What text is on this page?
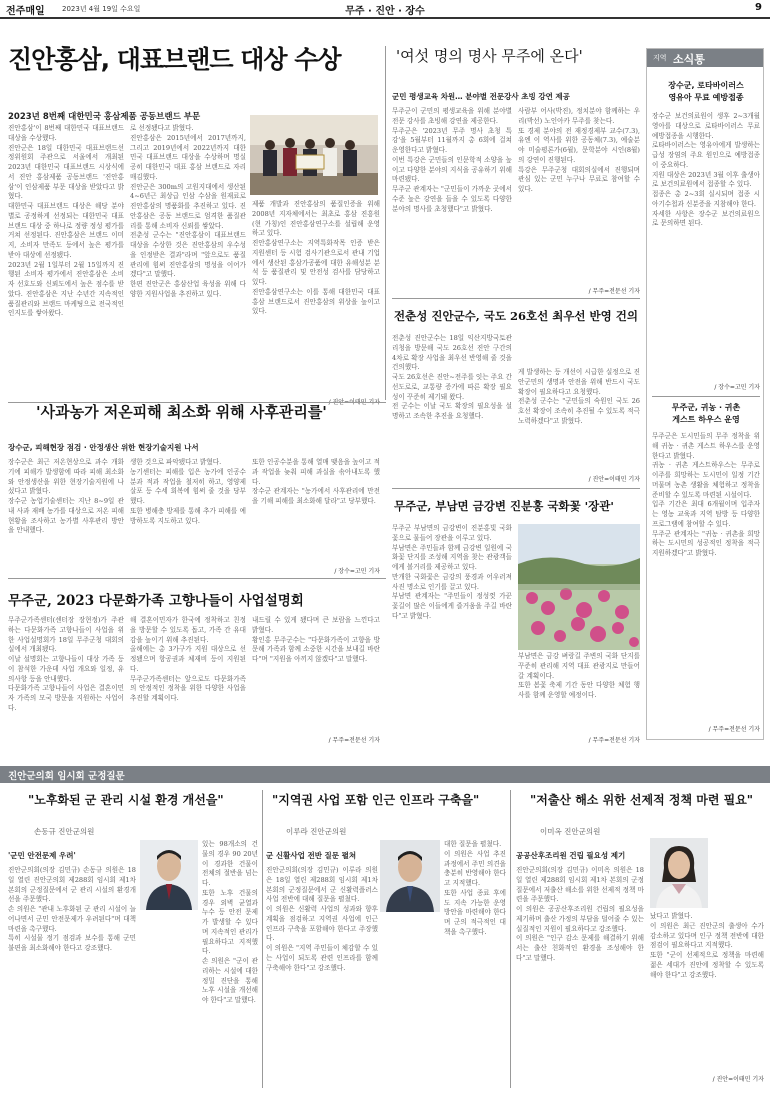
전주매일 2023년 4월 19일 수요일	무주 · 진안 · 장수	9
진안홍삼, 대표브랜드 대상 수상
2023년 8번째 대한민국 홍삼제품 공동브랜드 부문
진안홍삼'이 8번째 대한민국 대표브랜드 대상을 수상했다.
진안군은 18일 대한민국 대표브랜드선정위원회 주관으로 서울에서 개최된 2023년 대한민국 대표브랜드 시상식에서 진안 홍삼제품 공동브랜드 '진안홍삼'이 인삼제품 부문 대상을 받았다고 밝혔다.
대한민국 대표브랜드 대상은 해당 분야별로 공정하게 선정되는 대한민국 대표브랜드 대상 중 하나로 정량 정성 평가를 거쳐 선정된다. 진안홍삼은 브랜드 이미지, 소비자 만족도 등에서 높은 평가를 받아 대상에 선정됐다.
2023년 2월 1일부터 2월 15일까지 진행된 소비자 평가에서 진안홍삼은 소비자 선호도와 신뢰도에서 높은 점수를 받았다. 진안홍삼은 지난 수년간 지속적인 품질관리와 브랜드 마케팅으로 전국적인 인지도를 쌓아왔다.
로 선정됐다고 밝혔다.
진안홍삼은 2015년에서 2017년까지, 그리고 2019년에서 2022년까지 대한민국 대표브랜드 대상을 수상하며 명실공히 대한민국 대표 홍삼 브랜드로 자리매김했다.
진안군은 300m의 고원지대에서 생산된 4~6년근 최상급 인삼 수삼을 원재료로 진안홍삼의 명품화를 추진하고 있다. 진안홍삼은 공동 브랜드로 엄격한 품질관리를 통해 소비자 신뢰를 쌓았다.
전춘성 군수는 "진안홍삼이 대표브랜드 대상을 수상한 것은 진안홍삼의 우수성을 인정받은 결과"라며 "앞으로도 품질관리에 힘써 진안홍삼의 명성을 이어가겠다"고 말했다.
한편 진안군은 홍삼산업 육성을 위해 다양한 지원사업을 추진하고 있다.
제품 개발과 진안홍삼의 품질인증을 위해 2008년 지자체에서는 최초로 홍삼 진흥원(현 가칭)인 진안홍삼연구소를 설립해 운영하고 있다.
진안홍삼연구소는 지역특화작목 인증 받은 지원센터 등 시험 검사기관으로서 관내 기업에서 생산된 홍삼가공품에 대한 유해성분 분석 등 품질관리 및 안전성 검사를 담당하고 있다.
진안홍삼연구소는 이를 통해 대한민국 대표 홍삼 브랜드로서 진안홍삼의 위상을 높이고 있다.
'여섯 명의 명사 무주에 온다'
군민 평생교육 차원… 분야별 전문강사 초빙 강연 제공
무주군이 군민의 평생교육을 위해 분야별 전문 강사를 초빙해 강연을 제공한다.
무주군은 '2023년 무주 명사 초청 특강'을 5월부터 11월까지 총 6회에 걸쳐 운영한다고 밝혔다.
이번 특강은 군민들의 인문학적 소양을 높이고 다양한 분야의 지식을 공유하기 위해 마련됐다.
무주군 관계자는 "군민들이 가까운 곳에서 수준 높은 강연을 들을 수 있도록 다양한 분야의 명사를 초청했다"고 밝혔다.
사람부 어사(박진), 정치분야 함께하는 우리(박선) 노인아카 무주를 찾는다.
또 경제 분야의 전 재정경제부 교수(7.3), 유엔 이 역사를 위한 공동체(7.3), 예술분야 미술평론가(6월), 문학분야 시인(8월)의 강연이 진행된다.
특강은 무주군청 대회의실에서 진행되며 관심 있는 군민 누구나 무료로 참여할 수 있다.
/ 무주=전문선 기자
전춘성 진안군수, 국도 26호선 최우선 반영 건의
전춘성 진안군수는 18일 익산지방국토관리청을 방문해 국도 26호선 진안 구간의 4차로 확장 사업을 최우선 반영해 줄 것을 건의했다.
국도 26호선은 진안~전주를 잇는 주요 간선도로로, 교통량 증가에 따른 확장 필요성이 꾸준히 제기돼 왔다.
전 군수는 이날 국도 확장의 필요성을 설명하고 조속한 추진을 요청했다.
게 발생하는 등 개선이 시급한 실정으로 진안군민의 생명과 안전을 위해 반드시 국도 확장이 필요하다고 요청했다.
전춘성 군수는 "군민들의 숙원인 국도 26호선 확장이 조속히 추진될 수 있도록 적극 노력하겠다"고 밝혔다.
/ 진안=이태민 기자
무주군, 부남면 금강변 진분홍 국화꽃 '장관'
무주군 부남면의 금강변이 진분홍빛 국화꽃으로 물들어 장관을 이루고 있다.
부남면은 주민들과 함께 금강변 일원에 국화꽃 단지를 조성해 지역을 찾는 관광객들에게 볼거리를 제공하고 있다.
만개한 국화꽃은 금강의 풍경과 어우러져 사진 명소로 인기를 끌고 있다.
부남면 관계자는 "주민들이 정성껏 가꾼 꽃길이 많은 이들에게 즐거움을 주길 바란다"고 밝혔다.
부남면은 금강 벼랑길 주변의 국화 단지를 꾸준히 관리해 지역 대표 관광지로 만들어 갈 계획이다.
또한 봄꽃 축제 기간 동안 다양한 체험 행사를 함께 운영할 예정이다.
/ 무주=전문선 기자
지역 소식통
장수군, 로타바이러스
영유아 무료 예방접종
장수군 보건의료원이 생후 2~3개월 영아를 대상으로 로타바이러스 무료 예방접종을 시행한다.
로타바이러스는 영유아에게 발생하는 급성 장염의 주요 원인으로 예방접종이 중요하다.
지원 대상은 2023년 3월 이후 출생아로 보건의료원에서 접종할 수 있다.
접종은 총 2~3회 실시되며 접종 시 아기수첩과 신분증을 지참해야 한다.
자세한 사항은 장수군 보건의료원으로 문의하면 된다.
/ 장수=고민 기자
무주군, 귀농 · 귀촌
게스트 하우스 운영
무주군은 도시민들의 무주 정착을 위해 귀농 · 귀촌 게스트 하우스를 운영한다고 밝혔다.
귀농 · 귀촌 게스트하우스는 무주로 이주를 희망하는 도시민이 일정 기간 머물며 농촌 생활을 체험하고 정착을 준비할 수 있도록 마련된 시설이다.
입주 기간은 최대 6개월이며 입주자는 영농 교육과 지역 탐방 등 다양한 프로그램에 참여할 수 있다.
무주군 관계자는 "귀농 · 귀촌을 희망하는 도시민의 성공적인 정착을 적극 지원하겠다"고 밝혔다.
/ 무주=전문선 기자
'사과농가 저온피해 최소화 위해 사후관리를'
장수군, 피해현장 점검 · 안정생산 위한 현장기술지원 나서
장수군은 최근 저온현상으로 과수 개화기에 피해가 발생함에 따라 피해 최소화와 안정생산을 위한 현장기술지원에 나섰다고 밝혔다.
장수군 농업기술센터는 지난 8~9일 관내 사과 재배 농가를 대상으로 저온 피해 현황을 조사하고 농가별 사후관리 방안을 안내했다.
생한 것으로 파악됐다고 밝혔다.
농기센터는 피해를 입은 농가에 인공수분과 적과 작업을 철저히 하고, 영양제 살포 등 수세 회복에 힘써 줄 것을 당부했다.
또한 병해충 방제를 통해 추가 피해를 예방하도록 지도하고 있다.
또한 인공수분을 통해 열매 맺음을 높이고 적과 작업을 늦춰 피해 과실을 솎아내도록 했다.
장수군 관계자는 "농가에서 사후관리에 만전을 기해 피해를 최소화해 달라"고 당부했다.
/ 장수=고민 기자
무주군, 2023 다문화가족 고향나들이 사업설명회
무주군가족센터(센터장 장현정)가 주관하는 다문화가족 고향나들이 사업을 위한 사업설명회가 18일 무주군청 대회의실에서 개최됐다.
이날 설명회는 고향나들이 대상 가족 등이 참석한 가운데 사업 개요와 일정, 유의사항 등을 안내했다.
다문화가족 고향나들이 사업은 결혼이민자 가족의 모국 방문을 지원하는 사업이다.
해 결혼이민자가 한국에 정착하고 친정을 방문할 수 있도록 돕고, 가족 간 유대감을 높이기 위해 추진된다.
올해에는 총 3가구가 지원 대상으로 선정됐으며 항공권과 체재비 등이 지원된다.
무주군가족센터는 앞으로도 다문화가족의 안정적인 정착을 위한 다양한 사업을 추진할 계획이다.
내드릴 수 있게 됐다며 큰 보람을 느낀다고 밝혔다.
황인홍 무주군수는 "다문화가족이 고향을 방문해 가족과 함께 소중한 시간을 보내길 바란다"며 "지원을 아끼지 않겠다"고 말했다.
/ 무주=전문선 기자
진안군의회 임시회 군정질문
"노후화된 군 관리 시설 환경 개선을"
손동규 진안군의원
'군민 안전문제 우려'
진안군의회(의장 김민규) 손동규 의원은 18일 열린 진안군의회 제288회 임시회 제1차 본회의 군정질문에서 군 관리 시설의 환경개선을 주문했다.
손 의원은 "관내 노후화된 군 관리 시설이 늘어나면서 군민 안전문제가 우려된다"며 대책 마련을 촉구했다.
특히 시설물 정기 점검과 보수를 통해 군민 불편을 최소화해야 한다고 강조했다.
있는 98개소의 건물의 경우 90 20년이 경과한 건물이 전체의 절반을 넘는다.
또한 노후 건물의 경우 외벽 균열과 누수 등 안전 문제가 발생할 수 있다며 지속적인 관리가 필요하다고 지적했다.
손 의원은 "군이 관리하는 시설에 대한 정밀 진단을 통해 노후 시설을 개선해야 한다"고 말했다.
"지역권 사업 포함 인근 인프라 구축을"
이루라 진안군의원
군 신활사업 전반 질문 펼쳐
진안군의회(의장 김민규) 이루라 의원은 18일 열린 제288회 임시회 제1차 본회의 군정질문에서 군 신활력플러스 사업 전반에 대해 질문을 펼쳤다.
이 의원은 신활력 사업의 성과와 향후 계획을 점검하고 지역권 사업에 인근 인프라 구축을 포함해야 한다고 주장했다.
이 의원은 "지역 주민들이 체감할 수 있는 사업이 되도록 관련 인프라를 함께 구축해야 한다"고 강조했다.
대한 질문을 펼쳤다.
이 의원은 사업 추진 과정에서 주민 의견을 충분히 반영해야 한다고 지적했다.
또한 사업 종료 후에도 지속 가능한 운영 방안을 마련해야 한다며 군의 적극적인 대책을 촉구했다.
"저출산 해소 위한 선제적 정책 마련 필요"
이미옥 진안군의원
공공산후조리원 건립 필요성 제기
진안군의회(의장 김민규) 이미옥 의원은 18일 열린 제288회 임시회 제1차 본회의 군정질문에서 저출산 해소를 위한 선제적 정책 마련을 주문했다.
이 의원은 공공산후조리원 건립의 필요성을 제기하며 출산 가정의 부담을 덜어줄 수 있는 실질적인 지원이 필요하다고 강조했다.
이 의원은 "인구 감소 문제를 해결하기 위해서는 출산 친화적인 환경을 조성해야 한다"고 말했다.
났다고 밝혔다.
이 의원은 최근 진안군의 출생아 수가 감소하고 있다며 인구 정책 전반에 대한 점검이 필요하다고 지적했다.
또한 "군이 선제적으로 정책을 마련해 젊은 세대가 진안에 정착할 수 있도록 해야 한다"고 강조했다.
/ 진안=이태민 기자
